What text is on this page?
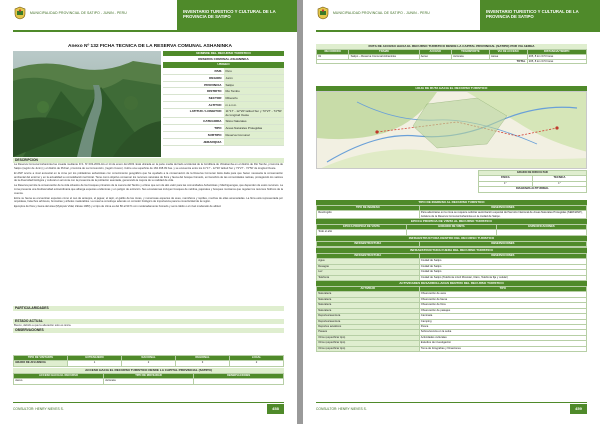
MUNICIPALIDAD PROVINCIAL DE SATIPO - JUNIN - PERU	INVENTARIO TURISTICO Y CULTURAL DE LA PROVINCIA DE SATIPO
Anexo Nº 132 FICHA TECNICA DE LA RESERVA COMUNAL ASHANINKA
NOMBRE DEL RECURSO TURISTICO
RESERVA COMUNAL ASHANINKA
UBIGEO
PAIS	Peru
REGION	Junin
PROVINCIA	Satipo
DISTRITO	Rio Tambo
SECTOR	Ribereño
ALTITUD	m.s.n.m.
LATITUD / LONGITUD	11°17' - 12°20' latitud Sur y 73°27' - 74°50' de longitud Oeste
CATEGORIA	Sitios Naturales
TIPO	Areas Naturales Protegidas
SUBTIPO	Reserva Comunal
JERARQUIA
DESCRIPCION
La Reserva Comunal Ashaninka fue creada mediante D.S. Nº 003-2003-AG el 14 de enero del 2003. Está ubicada en la parte media del lado occidental de la Cordillera de Vilcabamba en el distrito de Río Tambo, provincia de Satipo (región de Junín) y el distrito de Pichari, provincia de La Convención, (región Cusco). Cubre una superficie de 184 468.09 has. y se encuentra entre los 11°17' - 12°20' latitud Sur y 73°27' - 74°50' de longitud Oeste.
El ANP ocurre a nivel ancestral en la zona por los pobladores ashaninkas con conocimiento geográfico que ha ayudado a la conservación de la Reserva Comunal. Está dada para que hacen necesaria la conservación ambiental del entorno y en la actualidad su consolidación territorial. Tiene como objetivo conservar los recursos naturales de flora y fauna del bosque húmedo, en beneficio de las comunidades nativas, protegiendo los valores de la diversidad biológica y cultural en armonía con la presencia de la población asentada, generando la mejora de su calidad de vida.
La Reserva permite la conservación de la vida silvestre de los bosques primarios de la cuenca del Tambo y el Ene que son de alto valor para las comunidades Ashaninkas y Machiguengas, que dependen de estos recursos. La zona presenta una biodiversidad extraordinaria que alberga especies endémicas y en peligro de extinción. Sus ecosistemas incluyen bosques de neblina, pajonales y bosques montanos que regulan los recursos hídricos de la cuenca.
Entre su fauna se encuentran especies como el oso de anteojos, el jaguar, el tapir, el gallito de las rocas, y numerosas especies de aves, mamíferos y reptiles, muchas de ellas amenazadas. La flora está representada por orquídeas, helechos arbóreos, bromelias y árboles maderables. La reserva constituye además un corredor biológico de importancia para la conectividad de la región.
Ejemplos de flora y fauna del área (Mylopsis Vidal, Zárate 1983) y el tipo de clima es del 80 al 90 % con moderadamente húmedo y semi cálido o el nivel moderado de altitud.
PARTICULARIDADES
ESTADO ACTUAL
Bueno, debido a que la alteración solo es única.
OBSERVACIONES
TIPO DE VISITANTE	EXTRANJERO	NACIONAL	REGIONAL	LOCAL
GRADO DE AFLUENCIA	1	2	3	2
ACCESO HACIA EL RECURSO TURISTICO DESDE LA CAPITAL PROVINCIAL (SATIPO)
ACCESO HACIA EL RECURSO	TIPO DE MOVILIDAD	OBSERVACIONES
Aereo	Avioneta	
CONSULTOR: HENRY NIEVES S.	458
MUNICIPALIDAD PROVINCIAL DE SATIPO - JUNIN - PERU	INVENTARIO TURISTICO Y CULTURAL DE LA PROVINCIA DE SATIPO
RUTA DE ACCESO HACIA EL RECURSO TURISTICO DESDE LA CAPITAL PROVINCIAL (SATIPO) POR VIA AEREA
RECORRIDO	TRAMO	ACCESO	TRANSPORTE	VIA DE ACCESO	DISTANCIA/TIEMPO
01	Satipo – Reserva Comunal Ashaninka	Aereo	Avioneta	Aerea	205, 8 km /0.5 horas
TOTAL					205, 8 km /0.5 horas
HOJA DE RUTA HACIA EL RECURSO TURISTICO
	GRADO DE DIFICULTAD	
	FISICA	TECNICA
	1°	1°
	DIAGRAMA ALTITUDINAL	
TIPO DE INGRESO AL RECURSO TURISTICO
TIPO DE INGRESO	OBSERVACIONES
Restringido	Para adentrarse en la zona se requiere solicitar autorización especial del Servicio Nacional de Áreas Naturales Protegidas (SERNANP), Jefatura de la Reserva Comunal Ashaninka en la ciudad de Satipo.
EPOCA PROPICIA DE VISITA AL RECURSO TURISTICO
EPOCA PROPICIA DE VISITA	HORARIO DE VISITA	ESPECIFICACIONES
Todo el año		
INFRAESTRUCTURA DENTRO DEL RECURSO TURISTICO
INFRAESTRUCTURA	OBSERVACIONES

INFRAESTRUCTURA FUERA DEL RECURSO TURISTICO
INFRAESTRUCTURA	OBSERVACIONES
Agua	Ciudad de Satipo
Desagüe	Ciudad de Satipo
Luz	Ciudad de Satipo
Telefonía	Ciudad de Satipo (Telefonía móvil Movistar, Claro, Telefonía fija y celular)
ACTIVIDADES DESARROLLADAS DENTRO DEL RECURSO TURISTICO
ACTIVIDAD	TIPO
Naturaleza	Observación de aves
Naturaleza	Observación de fauna
Naturaleza	Observación de flora
Naturaleza	Observación de paisajes
Deportes/aventura	Caminata
Deportes/aventura	Camping
Deportes acuáticos	Pesca
Paseos	Sobrevivencia en la selva
Otros (especificar tipo)	Actividades culturales
Otros (especificar tipo)	Estudios de investigación
Otros (especificar tipo)	Toma de fotografías y filmaciones
CONSULTOR: HENRY NIEVES S.	459
